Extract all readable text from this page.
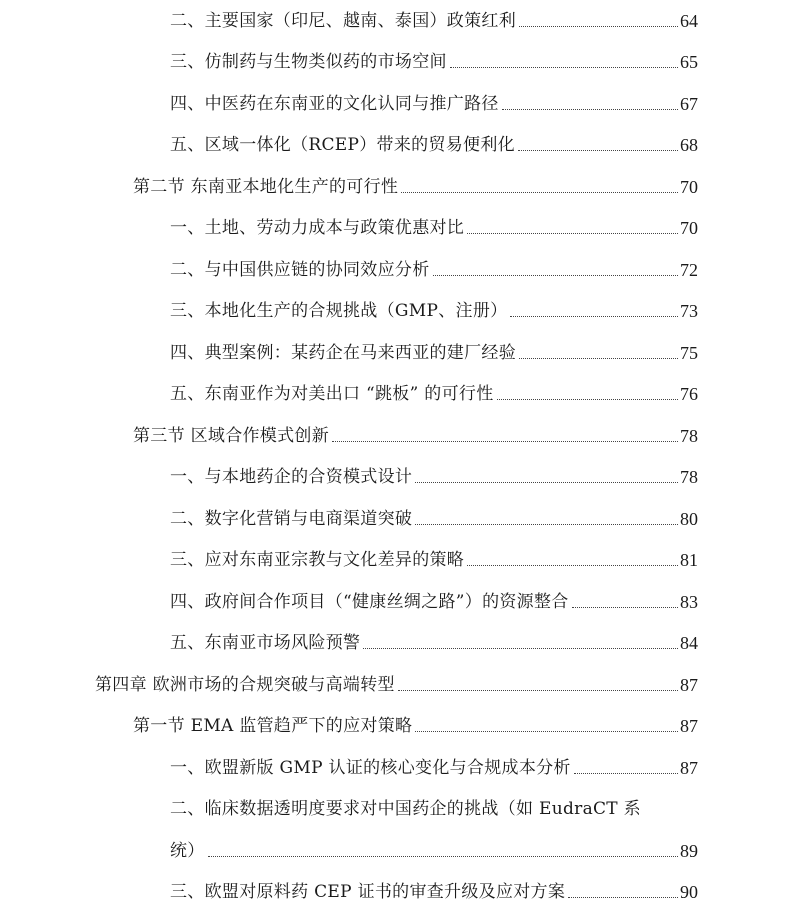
二、主要国家（印尼、越南、泰国）政策红利	64
三、仿制药与生物类似药的市场空间	65
四、中医药在东南亚的文化认同与推广路径	67
五、区域一体化（RCEP）带来的贸易便利化	68
第二节 东南亚本地化生产的可行性	70
一、土地、劳动力成本与政策优惠对比	70
二、与中国供应链的协同效应分析	72
三、本地化生产的合规挑战（GMP、注册）	73
四、典型案例：某药企在马来西亚的建厂经验	75
五、东南亚作为对美出口 “跳板” 的可行性	76
第三节 区域合作模式创新	78
一、与本地药企的合资模式设计	78
二、数字化营销与电商渠道突破	80
三、应对东南亚宗教与文化差异的策略	81
四、政府间合作项目（“健康丝绸之路”）的资源整合	83
五、东南亚市场风险预警	84
第四章 欧洲市场的合规突破与高端转型	87
第一节 EMA 监管趋严下的应对策略	87
一、欧盟新版 GMP 认证的核心变化与合规成本分析	87
二、临床数据透明度要求对中国药企的挑战（如 EudraCT 系
统）	89
三、欧盟对原料药 CEP 证书的审查升级及应对方案	90
